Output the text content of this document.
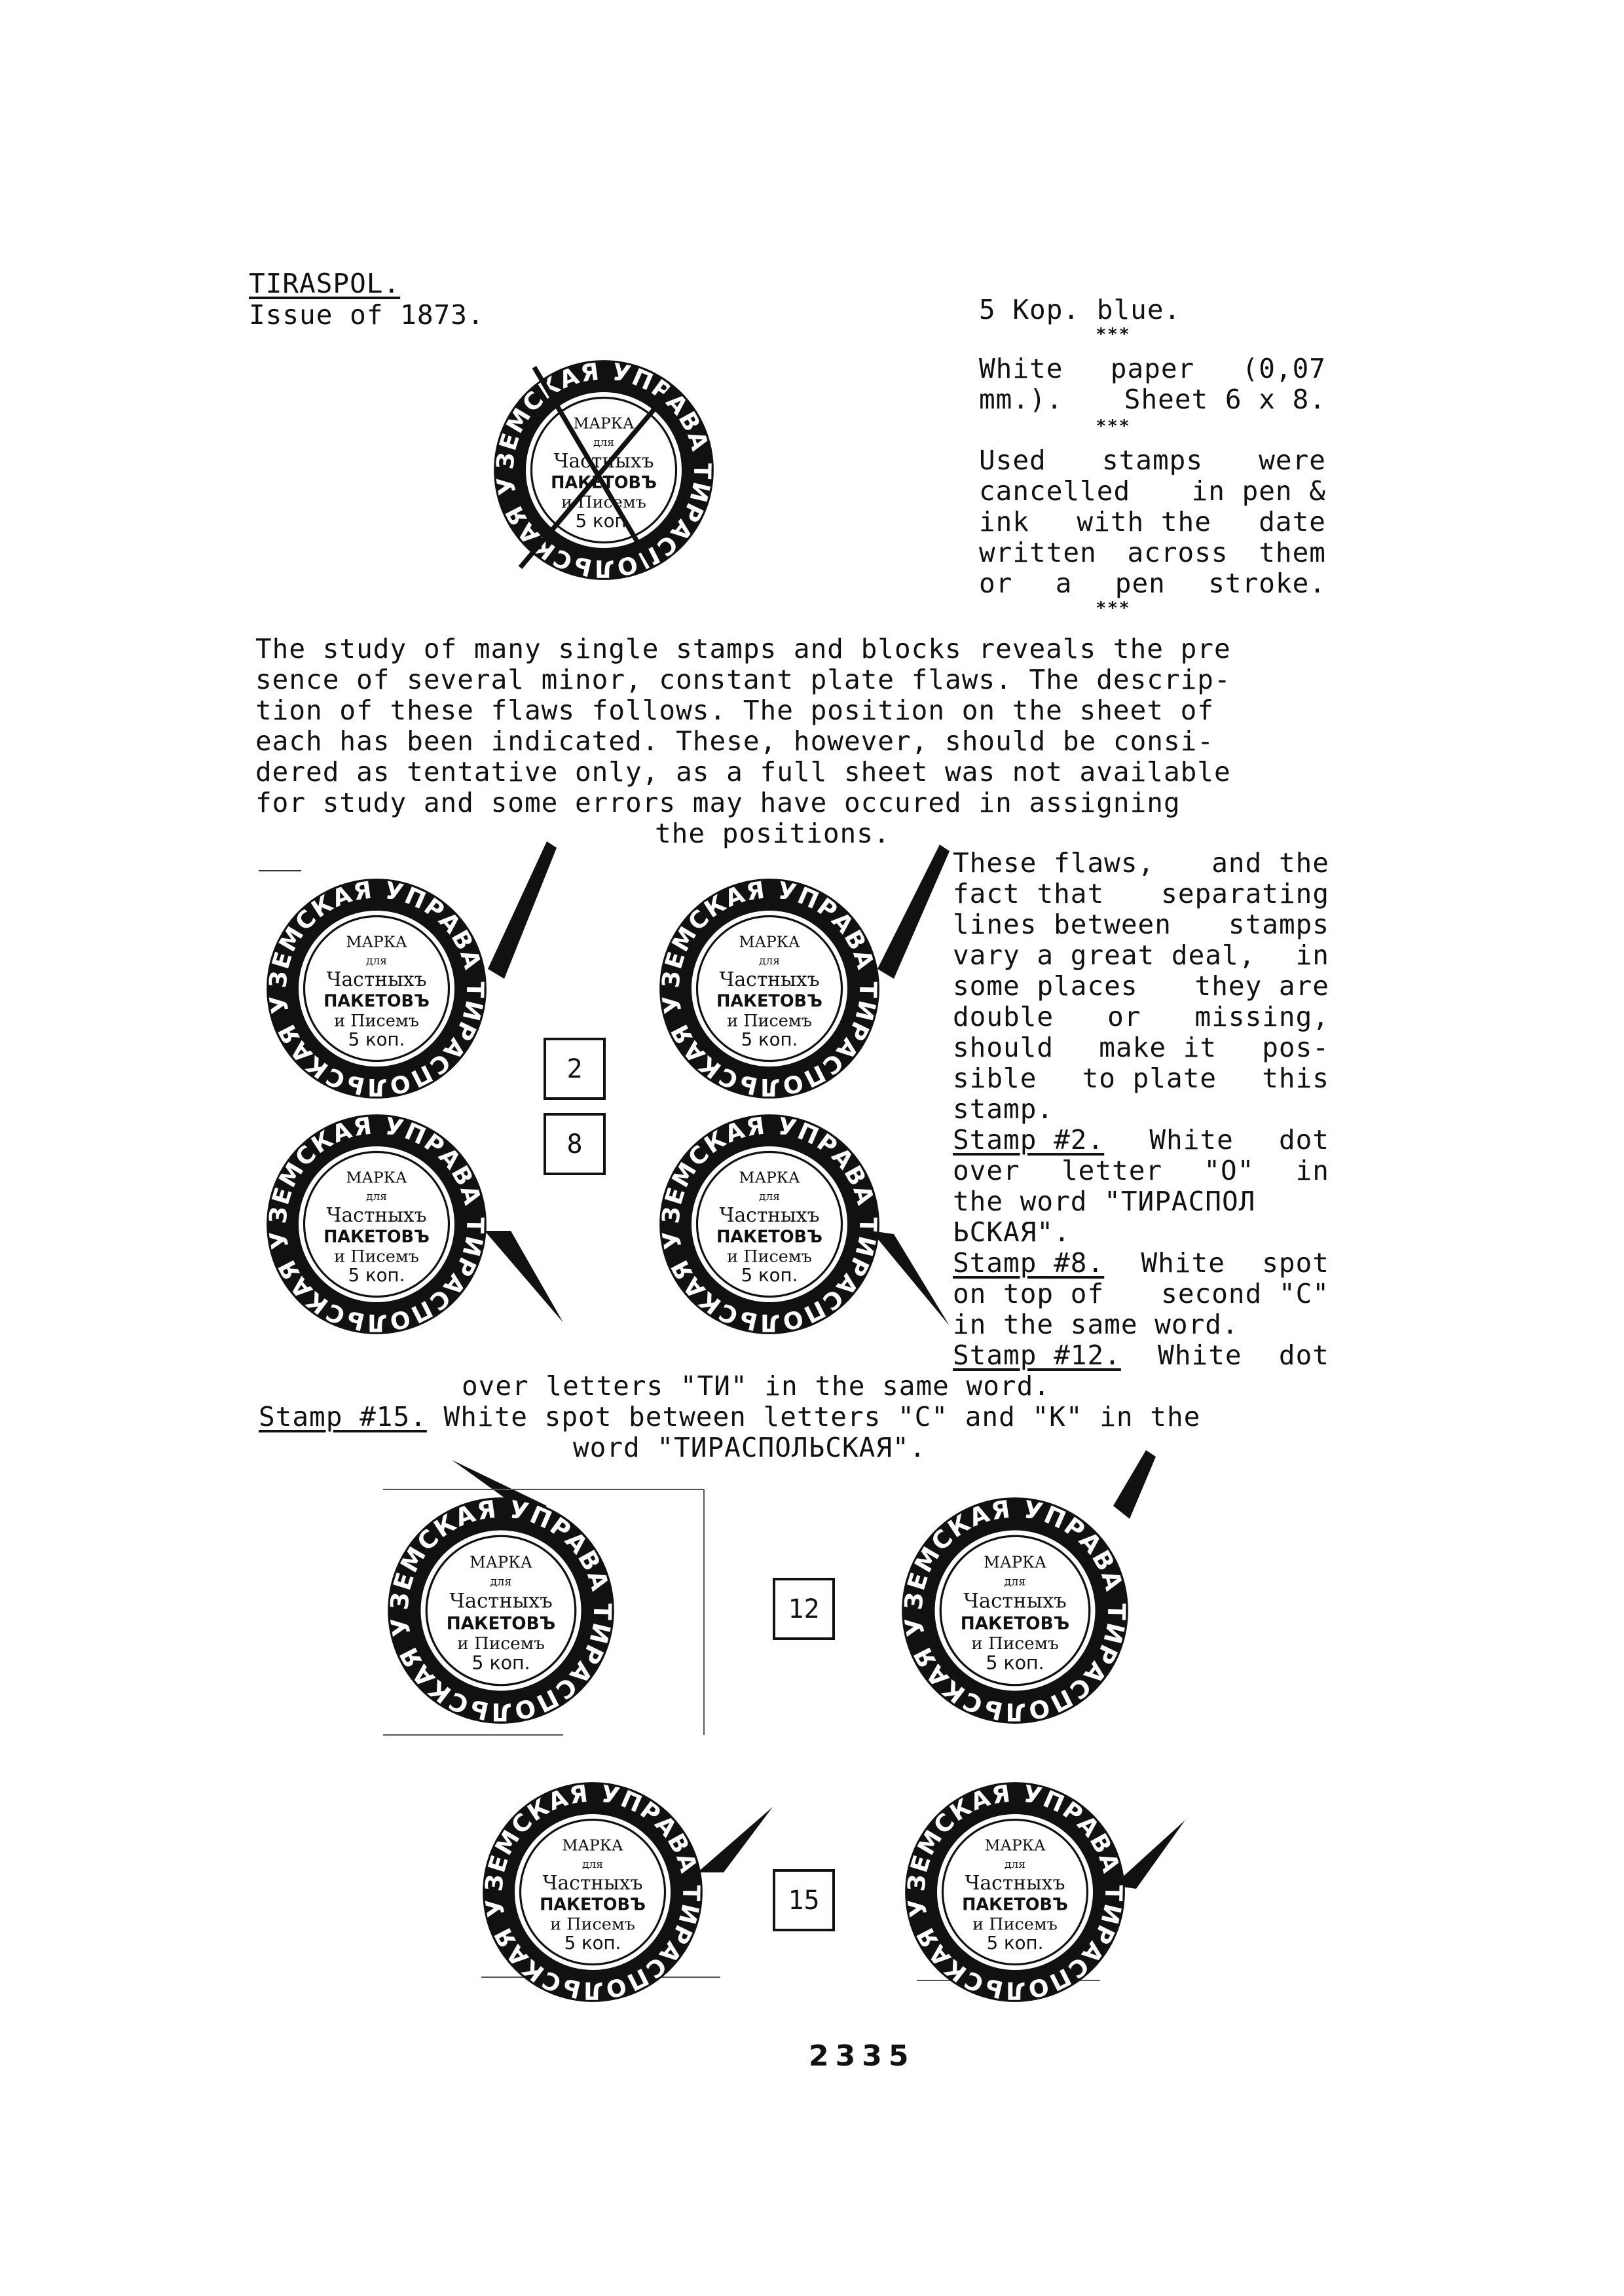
TIRASPOL.
Issue of 1873.	5 Kop. blue.
***
White paper (0,07
mm.). Sheet 6 x 8.
***
Used stamps were
cancelled in pen &
ink with the date
written across them
or a pen stroke.
***
The study of many single stamps and blocks reveals the pre
sence of several minor, constant plate flaws. The descrip-
tion of these flaws follows. The position on the sheet of
each has been indicated. These, however, should be consi-
dered as tentative only, as a full sheet was not available
for study and some errors may have occured in assigning
the positions.
These flaws, and the
fact that separating
lines between stamps
vary a great deal, in
some places they are
double or missing,
should make it pos-
sible to plate this
stamp.
Stamp #2. White dot
over letter "O" in
the word "ТИРАСПОЛ
ЬСКАЯ".
Stamp #8. White spot
on top of second "C"
in the same word.
Stamp #12. White dot
over letters "ТИ" in the same word.
Stamp #15. White spot between letters "C" and "K" in the
word "ТИРАСПОЛЬСКАЯ".
2
8
12
15
2335
